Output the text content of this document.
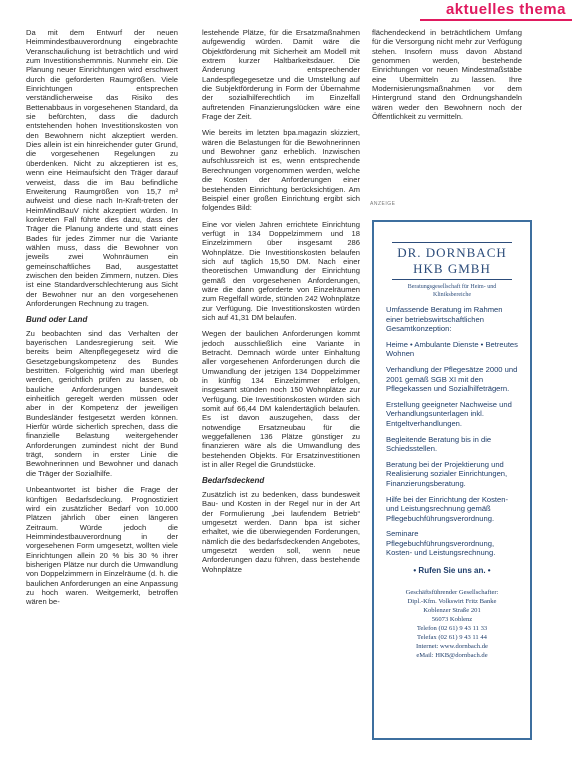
aktuelles thema

Da mit dem Entwurf der neuen Heimmindestbauverordnung eingebrachte Veranschaulichung ist beträchtlich und wird zum Investitionshemmnis. Nunmehr ein. Die Planung neuer Einrichtungen wird erschwert durch die geforderten Raumgrößen. Viele Einrichtungen entsprechen verständlicherweise das Risiko des Bettenabbaus in vorgesehenen Standard, da sie befürchten, dass die dadurch entstehenden hohen Investitionskosten von den Bewohnern nicht akzeptiert werden. Dies allein ist ein hinreichender guter Grund, die vorgesehenen Regelungen zu überdenken. Nicht zu akzeptieren ist es, wenn eine Heimaufsicht den Träger darauf verweist, dass die im Bau befindliche Erweiterung Raumgrößen von 15,7 m² aufweist und diese nach In-Kraft-treten der HeimMindBauV nicht akzeptiert würden. In konkreten Fall führte dies dazu, dass der Träger die Planung änderte und statt eines Bades für jedes Zimmer nur die Variante wählen muss, dass die Bewohner von jeweils zwei Wohnräumen ein gemeinschaftliches Bad, ausgestattet zwischen den beiden Zimmern, nutzen. Dies ist eine Standardverschlechterung aus Sicht der Bewohner nur an den vorgesehenen Anforderungen Rechnung zu tragen.

Bund oder Land

Zu beobachten sind das Verhalten der bayerischen Landesregierung seit. Wie bereits beim Altenpflegegesetz wird die Gesetzgebungskompetenz des Bundes bestritten. Folgerichtig wird man überlegt werden, gerichtlich prüfen zu lassen, ob bauliche Anforderungen bundesweit einheitlich geregelt werden müssen oder aber in der Kompetenz der jeweiligen Bundesländer festgesetzt werden können. Hierfür würde sicherlich sprechen, dass die finanzielle Belastung weitergehender Anforderungen zumindest nicht der Bund trägt, sondern in erster Linie die Bewohnerinnen und Bewohner und danach die Träger der Sozialhilfe.

Unbeantwortet ist bisher die Frage der künftigen Bedarfsdeckung. Prognostiziert wird ein zusätzlicher Bedarf von 10.000 Plätzen jährlich über einen längeren Zeitraum. Würde jedoch die Heimmindestbauverordnung in der vorgesehenen Form umgesetzt, wollten viele Einrichtungen allein 20 % bis 30 % ihrer bisherigen Plätze nur durch die Umwandlung von Doppelzimmern in Einzelräume (d. h. die baulichen Anforderungen an eine Anpassung zu hoch waren. Weitgemerkt, betroffen wären be-

lestehende Plätze, für die Ersatzmaßnahmen aufgewendig würden. Damit wäre die Objektförderung mit Sicherheit am Modell mit extrem kurzer Haltbarkeitsdauer. Die Änderung entsprechender Landespflegegesetze und die Umstellung auf die Subjektförderung in Form der Übernahme der sozialhilferechtlich im Einzelfall auftretenden Finanzierungslücken wäre eine Frage der Zeit.

Wie bereits im letzten bpa.magazin skizziert, wären die Belastungen für die Bewohnerinnen und Bewohner ganz erheblich. Inzwischen aufschlussreich ist es, wenn entsprechende Berechnungen vorgenommen werden, welche die Kosten der Anforderungen einer bestehenden Einrichtung berücksichtigen. Am Beispiel einer großen Einrichtung ergibt sich folgendes Bild:

Eine vor vielen Jahren errichtete Einrichtung verfügt in 134 Doppelzimmern und 18 Einzelzimmern über insgesamt 286 Wohnplätze. Die Investitionskosten belaufen sich auf täglich 15,50 DM. Nach einer theoretischen Umwandlung der Einrichtung gemäß den vorgesehenen Anforderungen, wäre die dann geforderte von Einzelräumen zum Regelfall würde, stünden 242 Wohnplätze zur Verfügung. Die Investitionskosten würden sich auf 41,31 DM belaufen.

Wegen der baulichen Anforderungen kommt jedoch ausschließlich eine Variante in Betracht. Demnach würde unter Einhaltung aller vorgesehenen Anforderungen durch die Umwandlung der jetzigen 134 Doppelzimmer in künftig 134 Einzelzimmer erfolgen, insgesamt stünden noch 150 Wohnplätze zur Verfügung. Die Investitionskosten würden sich somit auf 66,44 DM kalendertäglich belaufen. Es ist davon auszugehen, dass der notwendige Ersatzneubau für die weggefallenen 136 Plätze günstiger zu finanzieren wäre als die Umwandlung des bestehenden Objekts. Für Ersatzinvestitionen ist in aller Regel die Grundstücke.

Bedarfsdeckend

Zusätzlich ist zu bedenken, dass bundesweit Bau- und Kosten in der Regel nur in der Art der Formulierung „bei laufendem Betrieb“ umgesetzt werden. Dann bpa ist sicher erhaltet, wie die überwiegenden Forderungen, nämlich die des bedarfsdeckenden Angebotes, umgesetzt werden soll, wenn neue Anforderungen dazu führen, dass bestehende Wohnplätze

flächendeckend in beträchtlichem Umfang für die Versorgung nicht mehr zur Verfügung stehen. Insofern muss davon Abstand genommen werden, bestehende Einrichtungen vor neuen Mindestmaßstäbe eine Ubermitteln zu lassen. Ihre Modernisierungsmaßnahmen vor dem Hintergrund stand den Ordnungshandeln wären weder den Bewohnern noch der Öffentlichkeit zu vermitteln.

ANZEIGE
DR. DORNBACH
HKB GMBH
Beratungsgesellschaft für Heim- und Kliniksbereiche

Umfassende Beratung im Rahmen einer betriebswirtschaftlichen Gesamtkonzeption:

Heime • Ambulante Dienste • Betreutes Wohnen

Verhandlung der Pflegesätze 2000 und 2001 gemäß SGB XI mit den Pflegekassen und Sozialhilfeträgern.

Erstellung geeigneter Nachweise und Verhandlungsunterlagen inkl. Entgeltverhandlungen.

Begleitende Beratung bis in die Schiedsstellen.

Beratung bei der Projektierung und Realisierung sozialer Einrichtungen, Finanzierungsberatung.

Hilfe bei der Einrichtung der Kosten- und Leistungsrechnung gemäß Pflegebuchführungsverordnung.

Seminare Pflegebuchführungsverordnung, Kosten- und Leistungsrechnung.

• Rufen Sie uns an. •
Geschäftsführender Gesellschafter:
Dipl.-Kfm. Volkswirt Fritz Banke
Koblenzer Straße 201
56073 Koblenz
Telefon (02 61) 9 43 11 33
Telefax (02 61) 9 43 11 44
Internet: www.dornbach.de
eMail: HKB@dornbach.de
